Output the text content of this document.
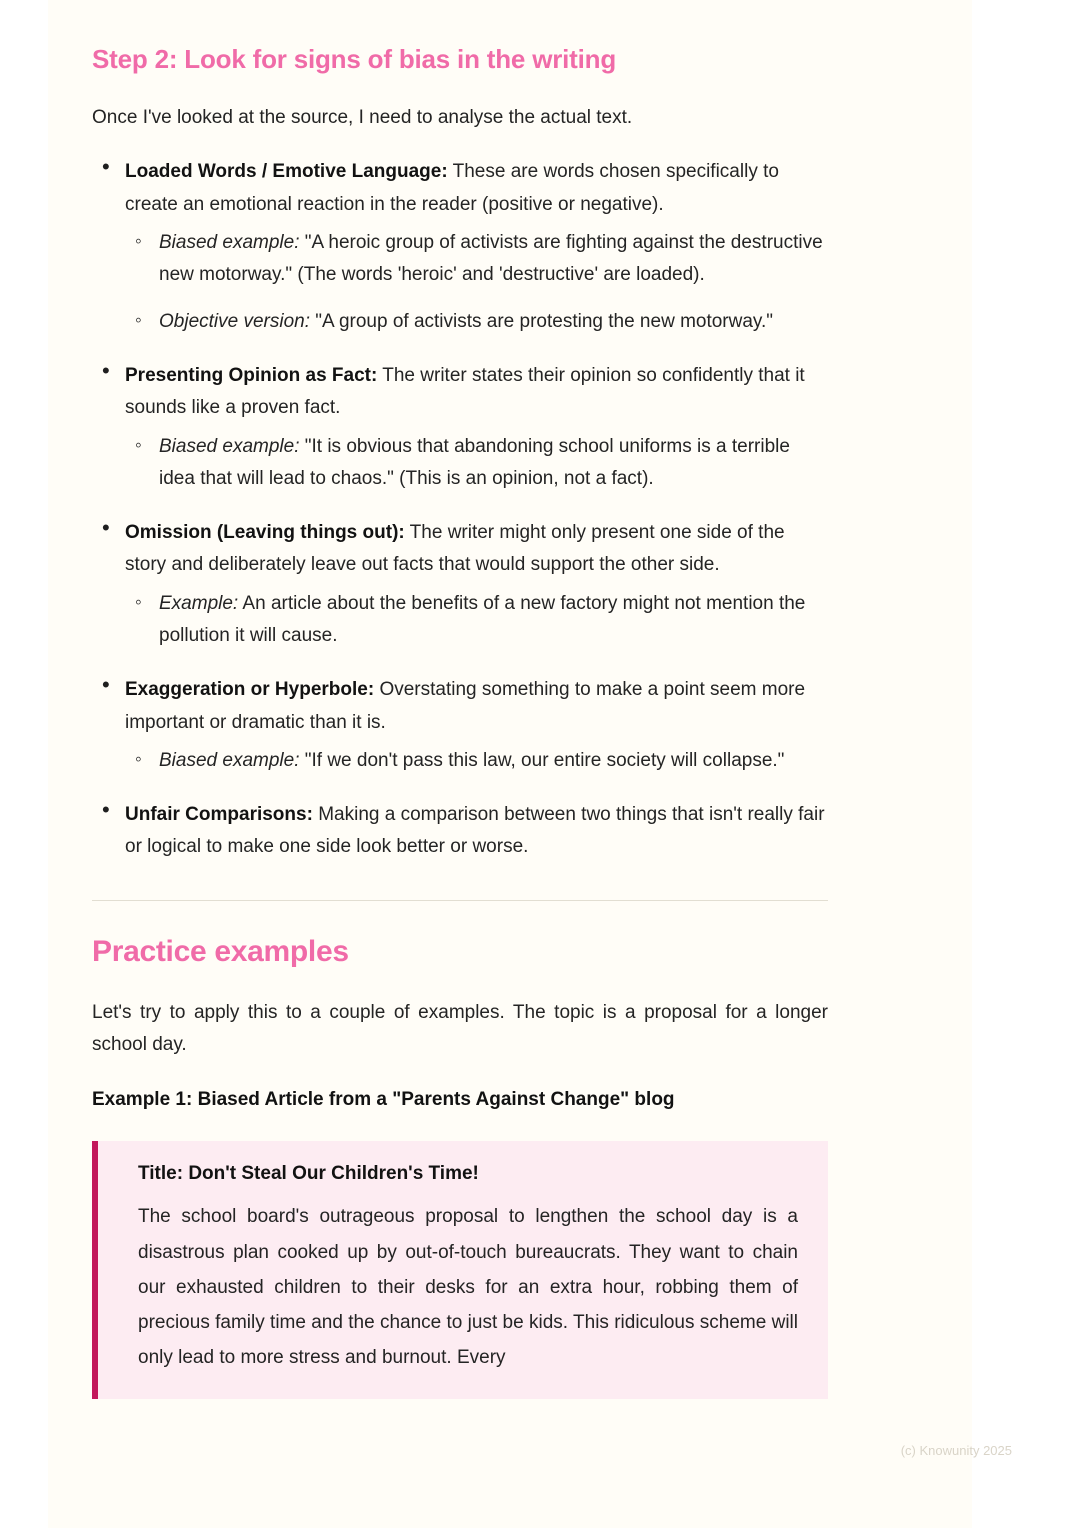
Step 2: Look for signs of bias in the writing

Once I've looked at the source, I need to analyse the actual text.

• Loaded Words / Emotive Language: These are words chosen specifically to create an emotional reaction in the reader (positive or negative).
◦ Biased example: "A heroic group of activists are fighting against the destructive new motorway." (The words 'heroic' and 'destructive' are loaded).
◦ Objective version: "A group of activists are protesting the new motorway."
• Presenting Opinion as Fact: The writer states their opinion so confidently that it sounds like a proven fact.
◦ Biased example: "It is obvious that abandoning school uniforms is a terrible idea that will lead to chaos." (This is an opinion, not a fact).
• Omission (Leaving things out): The writer might only present one side of the story and deliberately leave out facts that would support the other side.
◦ Example: An article about the benefits of a new factory might not mention the pollution it will cause.
• Exaggeration or Hyperbole: Overstating something to make a point seem more important or dramatic than it is.
◦ Biased example: "If we don't pass this law, our entire society will collapse."
• Unfair Comparisons: Making a comparison between two things that isn't really fair or logical to make one side look better or worse.
Practice examples

Let's try to apply this to a couple of examples. The topic is a proposal for a longer school day.

Example 1: Biased Article from a "Parents Against Change" blog

Title: Don't Steal Our Children's Time!

The school board's outrageous proposal to lengthen the school day is a disastrous plan cooked up by out-of-touch bureaucrats. They want to chain our exhausted children to their desks for an extra hour, robbing them of precious family time and the chance to just be kids. This ridiculous scheme will only lead to more stress and burnout. Every

(c) Knowunity 2025
